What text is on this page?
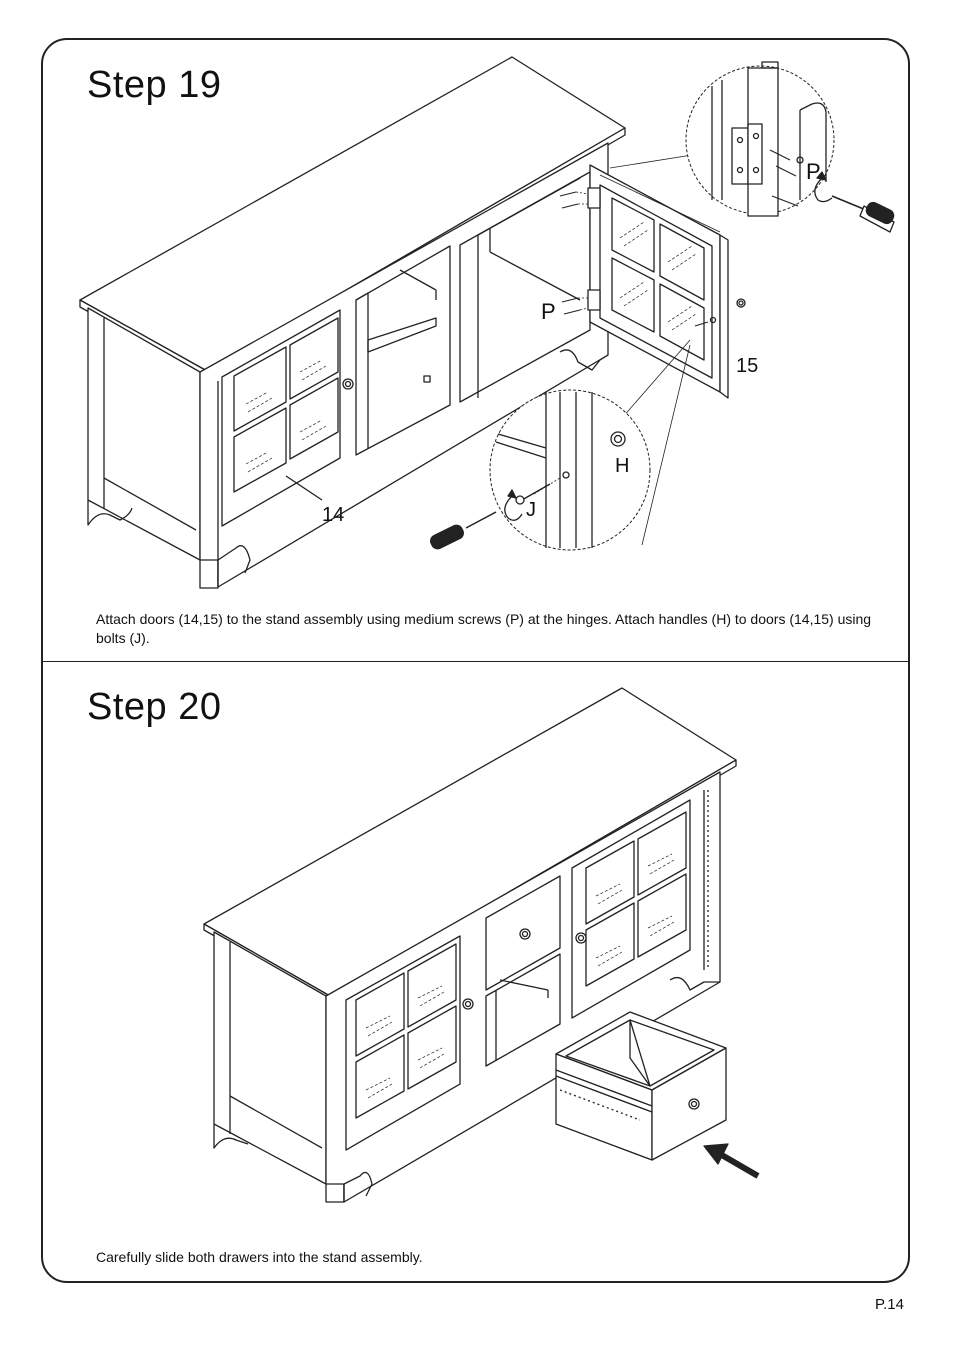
Step 19
Step 20
14
15
P
P
H
J
Attach doors (14,15) to the stand assembly using medium screws (P) at the hinges. Attach handles (H) to doors (14,15) using bolts (J).
Carefully slide both drawers into the stand assembly.
P.14
